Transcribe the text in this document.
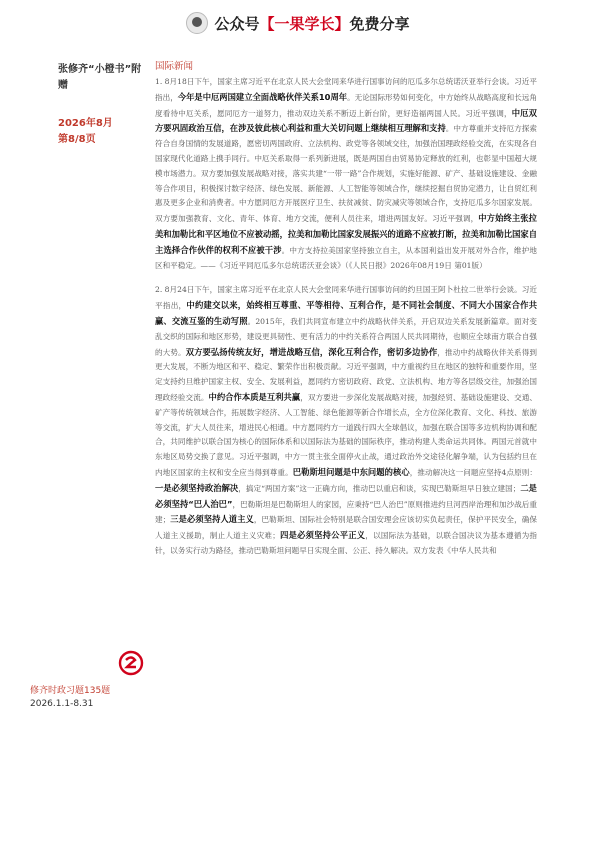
公众号【一果学长】免费分享
张修齐“小橙书”附赠
2026年8月
第8/8页
修齐时政习题135题
2026.1.1-8.31
国际新闻

1. 8月18日下午，国家主席习近平在北京人民大会堂同来华进行国事访问的厄瓜多尔总统诺沃亚举行会谈。习近平指出，今年是中厄两国建立全面战略伙伴关系10周年。无论国际形势如何变化，中方始终从战略高度和长远角度看待中厄关系，愿同厄方一道努力，推动双边关系不断迈上新台阶，更好造福两国人民。习近平强调，中厄双方要巩固政治互信，在涉及彼此核心利益和重大关切问题上继续相互理解和支持。中方尊重并支持厄方探索符合自身国情的发展道路，愿密切两国政府、立法机构、政党等各领域交往，加强治国理政经验交流，在实现各自国家现代化道路上携手同行。中厄关系取得一系列新进展，既是两国自由贸易协定释放的红利，也彰显中国超大规模市场潜力。双方要加强发展战略对接，落实共建“一带一路”合作规划，实施好能源、矿产、基础设施建设、金融等合作项目，积极探讨数字经济、绿色发展、新能源、人工智能等领域合作，继续挖掘自贸协定潜力，让自贸红利惠及更多企业和消费者。中方愿同厄方开展医疗卫生、扶贫减贫、防灾减灾等领域合作，支持厄瓜多尔国家发展。双方要加强教育、文化、青年、体育、地方交流，便利人员往来，增进两国友好。习近平强调，中方始终主张拉美和加勒比和平区地位不应被动摇，拉美和加勒比国家发展振兴的道路不应被打断，拉美和加勒比国家自主选择合作伙伴的权利不应被干涉。中方支持拉美国家坚持独立自主，从本国利益出发开展对外合作，维护地区和平稳定。——《习近平同厄瓜多尔总统诺沃亚会谈》（《人民日报》2026年08月19日 第01版）

2. 8月24日下午，国家主席习近平在北京人民大会堂同来华进行国事访问的约旦国王阿卜杜拉二世举行会谈。习近平指出，中约建交以来，始终相互尊重、平等相待、互利合作，是不同社会制度、不同大小国家合作共赢、交流互鉴的生动写照。2015年，我们共同宣布建立中约战略伙伴关系，开启双边关系发展新篇章。面对变乱交织的国际和地区形势，建设更具韧性、更有活力的中约关系符合两国人民共同期待，也顺应全球南方联合自强的大势。双方要弘扬传统友好，增进战略互信，深化互利合作，密切多边协作，推动中约战略伙伴关系得到更大发展，不断为地区和平、稳定、繁荣作出积极贡献。习近平强调，中方重视约旦在地区的独特和重要作用，坚定支持约旦维护国家主权、安全、发展利益，愿同约方密切政府、政党、立法机构、地方等各层级交往，加强治国理政经验交流。中约合作本质是互利共赢，双方要进一步深化发展战略对接，加强经贸、基础设施建设、交通、矿产等传统领域合作，拓展数字经济、人工智能、绿色能源等新合作增长点，全方位深化教育、文化、科技、旅游等交流，扩大人员往来，增进民心相通。中方愿同约方一道践行四大全球倡议，加强在联合国等多边机构协调和配合，共同维护以联合国为核心的国际体系和以国际法为基础的国际秩序，推动构建人类命运共同体。两国元首就中东地区局势交换了意见。习近平强调，中方一贯主张全面停火止战，通过政治外交途径化解争端，认为包括约旦在内地区国家的主权和安全应当得到尊重。巴勒斯坦问题是中东问题的核心，推动解决这一问题应坚持4点原则：一是必须坚持政治解决，搞定“两国方案”这一正确方向，推动巴以重启和谈，实现巴勒斯坦早日独立建国；二是必须坚持“巴人治巴”，巴勒斯坦是巴勒斯坦人的家园，应秉持“巴人治巴”原则推进约旦河西岸治理和加沙战后重建；三是必须坚持人道主义，巴勒斯坦、国际社会特别是联合国安理会应该切实负起责任，保护平民安全，确保人道主义援助，制止人道主义灾难；四是必须坚持公平正义，以国际法为基础，以联合国决议为基本遵循为指针，以务实行动为路径，推动巴勒斯坦问题早日实现全面、公正、持久解决。双方发表《中华人民共和
